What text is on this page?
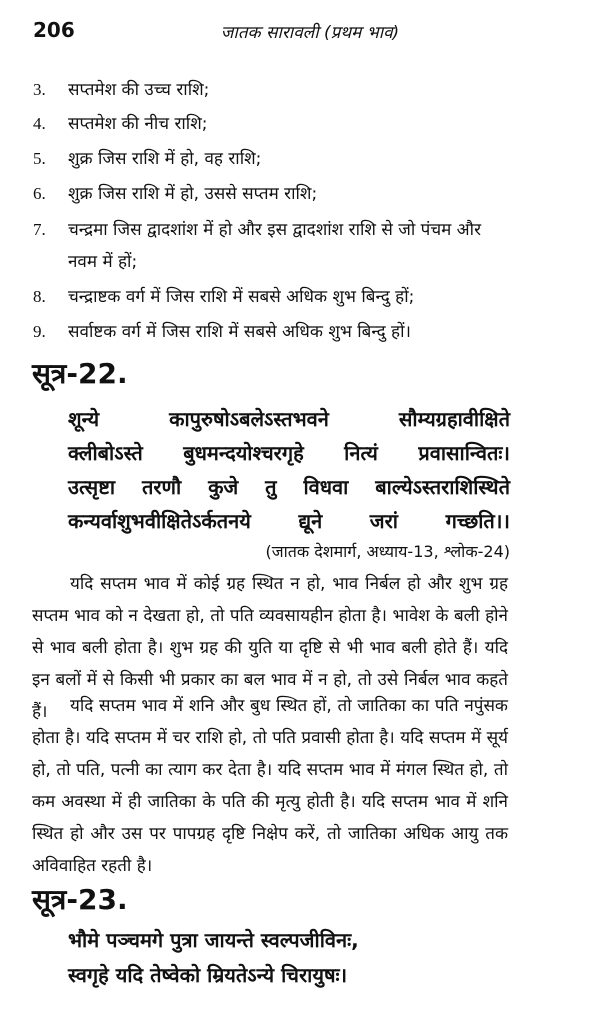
206	जातक सारावली (प्रथम भाव)
3.	सप्तमेश की उच्च राशि;
4.	सप्तमेश की नीच राशि;
5.	शुक्र जिस राशि में हो, वह राशि;
6.	शुक्र जिस राशि में हो, उससे सप्तम राशि;
7.	चन्द्रमा जिस द्वादशांश में हो और इस द्वादशांश राशि से जो पंचम और नवम में हों;
8.	चन्द्राष्टक वर्ग में जिस राशि में सबसे अधिक शुभ बिन्दु हों;
9.	सर्वाष्टक वर्ग में जिस राशि में सबसे अधिक शुभ बिन्दु हों।
सूत्र-22.
शून्ये कापुरुषोऽबलेऽस्तभवने सौम्यग्रहावीक्षिते
क्लीबोऽस्ते बुधमन्दयोश्चरगृहे नित्यं प्रवासान्वितः।
उत्सृष्टा तरणौ कुजे तु विधवा बाल्येऽस्तराशिस्थिते
कन्यर्वाशुभवीक्षितेऽर्कतनये द्यूने जरां गच्छति।।
(जातक देशमार्ग, अध्याय-13, श्लोक-24)
यदि सप्तम भाव में कोई ग्रह स्थित न हो, भाव निर्बल हो और शुभ ग्रह सप्तम भाव को न देखता हो, तो पति व्यवसायहीन होता है। भावेश के बली होने से भाव बली होता है। शुभ ग्रह की युति या दृष्टि से भी भाव बली होते हैं। यदि इन बलों में से किसी भी प्रकार का बल भाव में न हो, तो उसे निर्बल भाव कहते हैं।	यदि सप्तम भाव में शनि और बुध स्थित हों, तो जातिका का पति नपुंसक होता है। यदि सप्तम में चर राशि हो, तो पति प्रवासी होता है। यदि सप्तम में सूर्य हो, तो पति, पत्नी का त्याग कर देता है। यदि सप्तम भाव में मंगल स्थित हो, तो कम अवस्था में ही जातिका के पति की मृत्यु होती है। यदि सप्तम भाव में शनि स्थित हो और उस पर पापग्रह दृष्टि निक्षेप करें, तो जातिका अधिक आयु तक अविवाहित रहती है।
सूत्र-23.
भौमे पञ्चमगे पुत्रा जायन्ते स्वल्पजीविनः,
स्वगृहे यदि तेष्वेको म्रियतेऽन्ये चिरायुषः।
